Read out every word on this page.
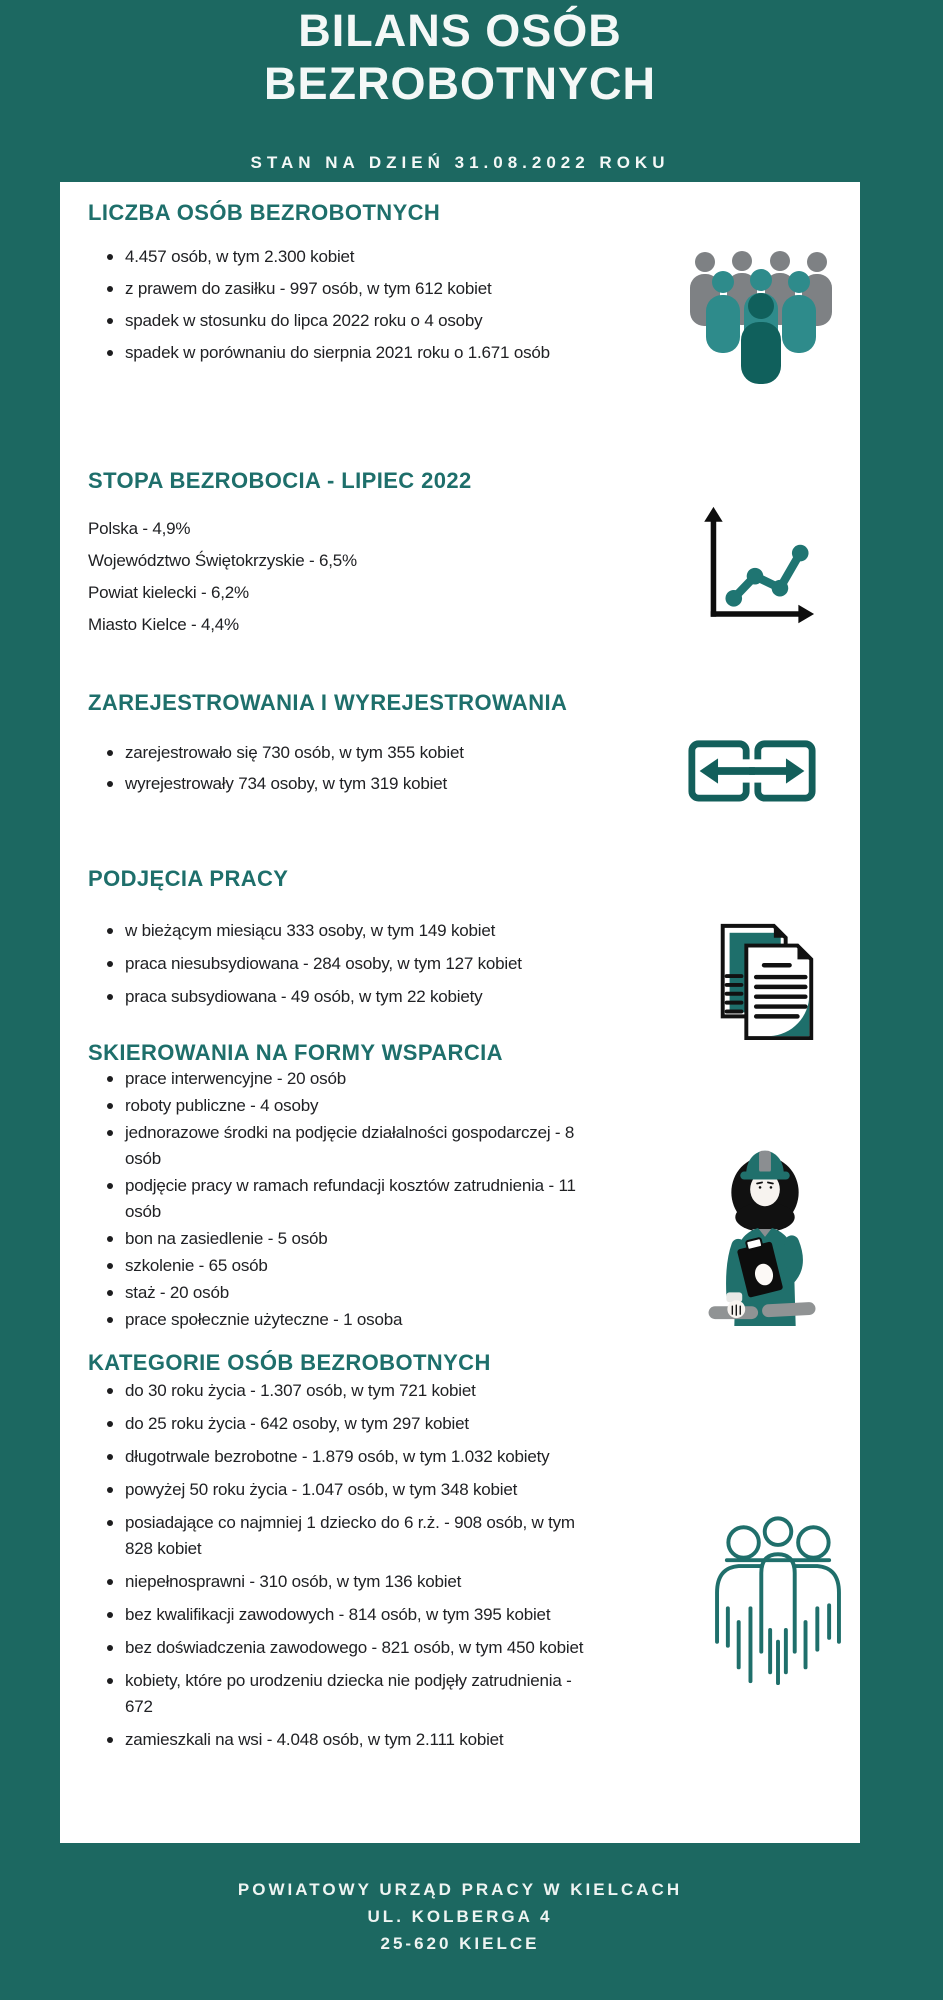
BILANS OSÓB
BEZROBOTNYCH
STAN NA DZIEŃ 31.08.2022 ROKU
LICZBA OSÓB BEZROBOTNYCH
4.457 osób, w tym 2.300 kobiet
z prawem do zasiłku - 997 osób, w tym 612 kobiet
spadek w stosunku do lipca 2022 roku o 4 osoby
spadek w porównaniu do sierpnia 2021 roku o 1.671 osób
STOPA BEZROBOCIA - LIPIEC 2022
Polska - 4,9%
Województwo Świętokrzyskie - 6,5%
Powiat kielecki - 6,2%
Miasto Kielce - 4,4%
ZAREJESTROWANIA I WYREJESTROWANIA
zarejestrowało się 730 osób, w tym 355 kobiet
wyrejestrowały 734 osoby, w tym 319 kobiet
PODJĘCIA PRACY
w bieżącym miesiącu 333 osoby, w tym 149 kobiet
praca niesubsydiowana - 284 osoby, w tym 127 kobiet
praca subsydiowana - 49 osób, w tym 22 kobiety
SKIEROWANIA NA FORMY WSPARCIA
prace interwencyjne - 20 osób
roboty publiczne - 4 osoby
jednorazowe środki na podjęcie działalności gospodarczej - 8 osób
podjęcie pracy w ramach refundacji kosztów zatrudnienia - 11 osób
bon na zasiedlenie - 5 osób
szkolenie - 65 osób
staż - 20 osób
prace społecznie użyteczne - 1 osoba
KATEGORIE OSÓB BEZROBOTNYCH
do 30 roku życia - 1.307 osób, w tym 721 kobiet
do 25 roku życia - 642 osoby, w tym 297 kobiet
długotrwale bezrobotne - 1.879 osób, w tym 1.032 kobiety
powyżej 50 roku życia - 1.047 osób, w tym 348 kobiet
posiadające co najmniej 1 dziecko do 6 r.ż. - 908 osób, w tym 828 kobiet
niepełnosprawni - 310 osób, w tym 136 kobiet
bez kwalifikacji zawodowych - 814 osób, w tym 395 kobiet
bez doświadczenia zawodowego - 821 osób, w tym 450 kobiet
kobiety, które po urodzeniu dziecka nie podjęły zatrudnienia - 672
zamieszkali na wsi - 4.048 osób, w tym 2.111 kobiet
POWIATOWY URZĄD PRACY W KIELCACH
UL. KOLBERGA 4
25-620 KIELCE
